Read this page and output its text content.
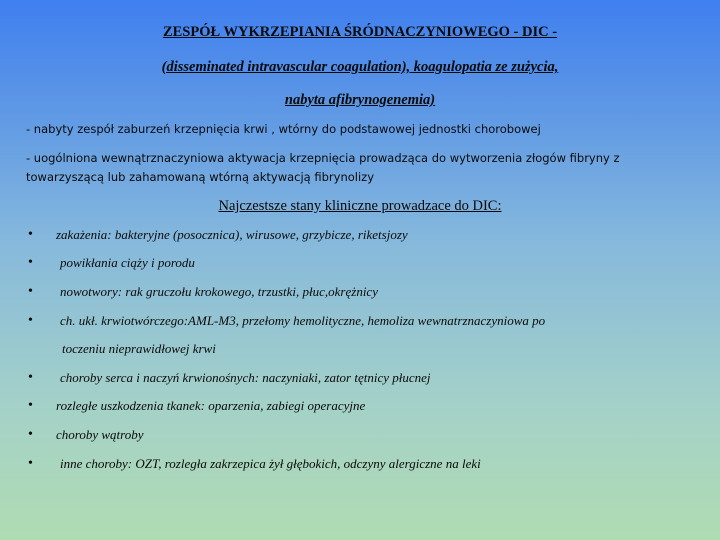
ZESPÓŁ WYKRZEPIANIA ŚRÓDNACZYNIOWEGO - DIC -
(disseminated intravascular coagulation), koagulopatia ze zużycia,
nabyta afibrynogenemia)
- nabyty zespół zaburzeń krzepnięcia krwi , wtórny do podstawowej jednostki chorobowej
- uogólniona wewnątrznaczyniowa aktywacja krzepnięcia prowadząca do wytworzenia złogów fibryny z towarzyszącą lub zahamowaną wtórną aktywacją fibrynolizy
Najczestsze stany kliniczne prowadzace do DIC:
• zakażenia: bakteryjne (posocznica), wirusowe, grzybicze, riketsjozy
• powikłania ciąży i porodu
• nowotwory: rak gruczołu krokowego, trzustki, płuc,okrężnicy
• ch. ukł. krwiotwórczego:AML-M3, przełomy hemolityczne, hemoliza wewnatrznaczyniowa po
toczeniu nieprawidłowej krwi
• choroby serca i naczyń krwionośnych: naczyniaki, zator tętnicy płucnej
• rozległe uszkodzenia tkanek: oparzenia, zabiegi operacyjne
• choroby wątroby
• inne choroby: OZT, rozległa zakrzepica żył głębokich, odczyny alergiczne na leki
